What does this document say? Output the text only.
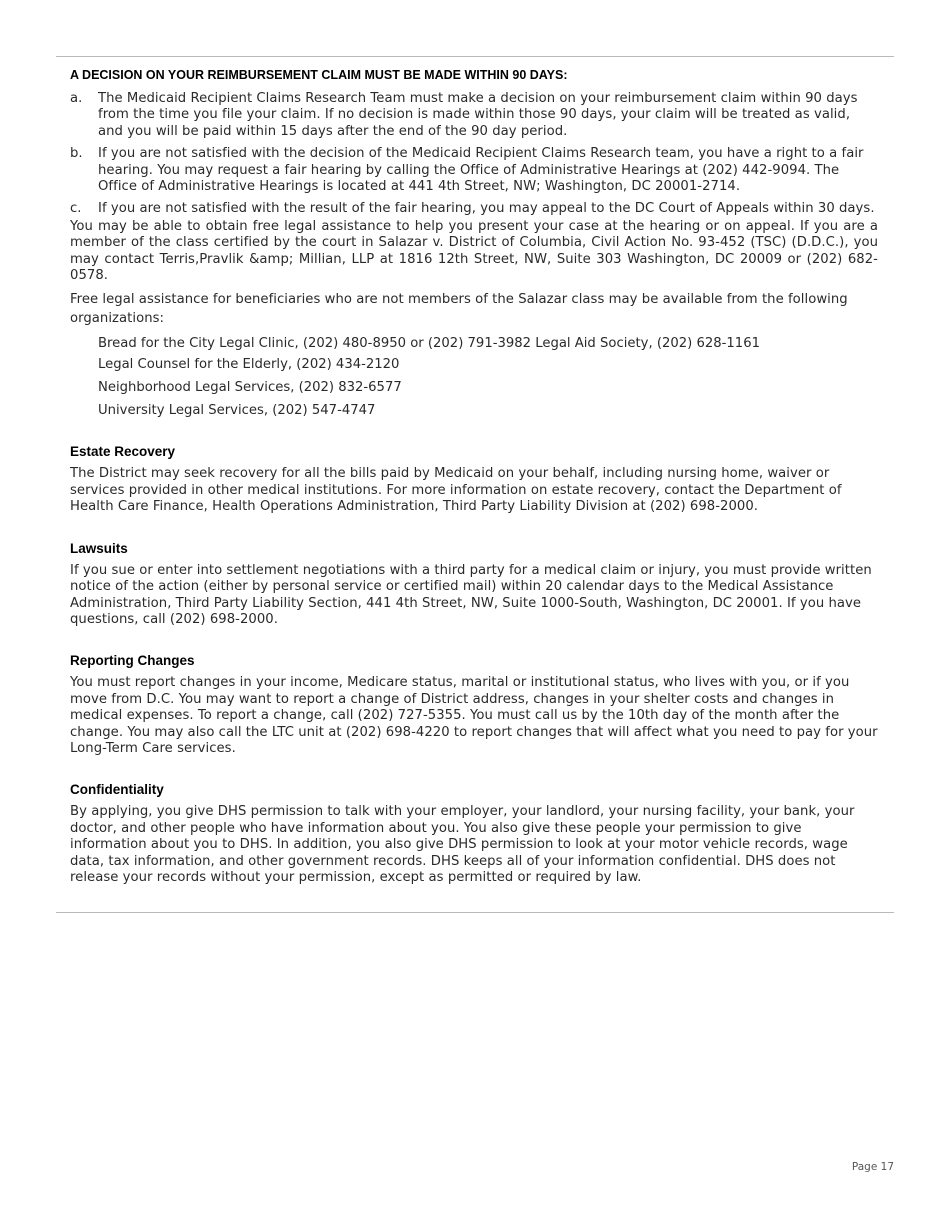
A DECISION ON YOUR REIMBURSEMENT CLAIM MUST BE MADE WITHIN 90 DAYS:
a. The Medicaid Recipient Claims Research Team must make a decision on your reimbursement claim within 90 days from the time you file your claim. If no decision is made within those 90 days, your claim will be treated as valid, and you will be paid within 15 days after the end of the 90 day period.

b. If you are not satisfied with the decision of the Medicaid Recipient Claims Research team, you have a right to a fair hearing. You may request a fair hearing by calling the Office of Administrative Hearings at (202) 442-9094. The Office of Administrative Hearings is located at 441 4th Street, NW; Washington, DC 20001-2714.

c. If you are not satisfied with the result of the fair hearing, you may appeal to the DC Court of Appeals within 30 days.

You may be able to obtain free legal assistance to help you present your case at the hearing or on appeal. If you are a member of the class certified by the court in Salazar v. District of Columbia, Civil Action No. 93-452 (TSC) (D.D.C.), you may contact Terris,Pravlik &amp; Millian, LLP at 1816 12th Street, NW, Suite 303 Washington, DC 20009 or (202) 682-0578.

Free legal assistance for beneficiaries who are not members of the Salazar class may be available from the following organizations:

Bread for the City Legal Clinic, (202) 480-8950 or (202) 791-3982 Legal Aid Society, (202) 628-1161
Legal Counsel for the Elderly, (202) 434-2120
Neighborhood Legal Services, (202) 832-6577
University Legal Services, (202) 547-4747
Estate Recovery

The District may seek recovery for all the bills paid by Medicaid on your behalf, including nursing home, waiver or services provided in other medical institutions. For more information on estate recovery, contact the Department of Health Care Finance, Health Operations Administration, Third Party Liability Division at (202) 698-2000.

Lawsuits

If you sue or enter into settlement negotiations with a third party for a medical claim or injury, you must provide written notice of the action (either by personal service or certified mail) within 20 calendar days to the Medical Assistance Administration, Third Party Liability Section, 441 4th Street, NW, Suite 1000-South, Washington, DC 20001. If you have questions, call (202) 698-2000.

Reporting Changes

You must report changes in your income, Medicare status, marital or institutional status, who lives with you, or if you move from D.C. You may want to report a change of District address, changes in your shelter costs and changes in medical expenses. To report a change, call (202) 727-5355. You must call us by the 10th day of the month after the change. You may also call the LTC unit at (202) 698-4220 to report changes that will affect what you need to pay for your Long-Term Care services.

Confidentiality

By applying, you give DHS permission to talk with your employer, your landlord, your nursing facility, your bank, your doctor, and other people who have information about you. You also give these people your permission to give information about you to DHS. In addition, you also give DHS permission to look at your motor vehicle records, wage data, tax information, and other government records. DHS keeps all of your information confidential. DHS does not release your records without your permission, except as permitted or required by law.

Page 17
